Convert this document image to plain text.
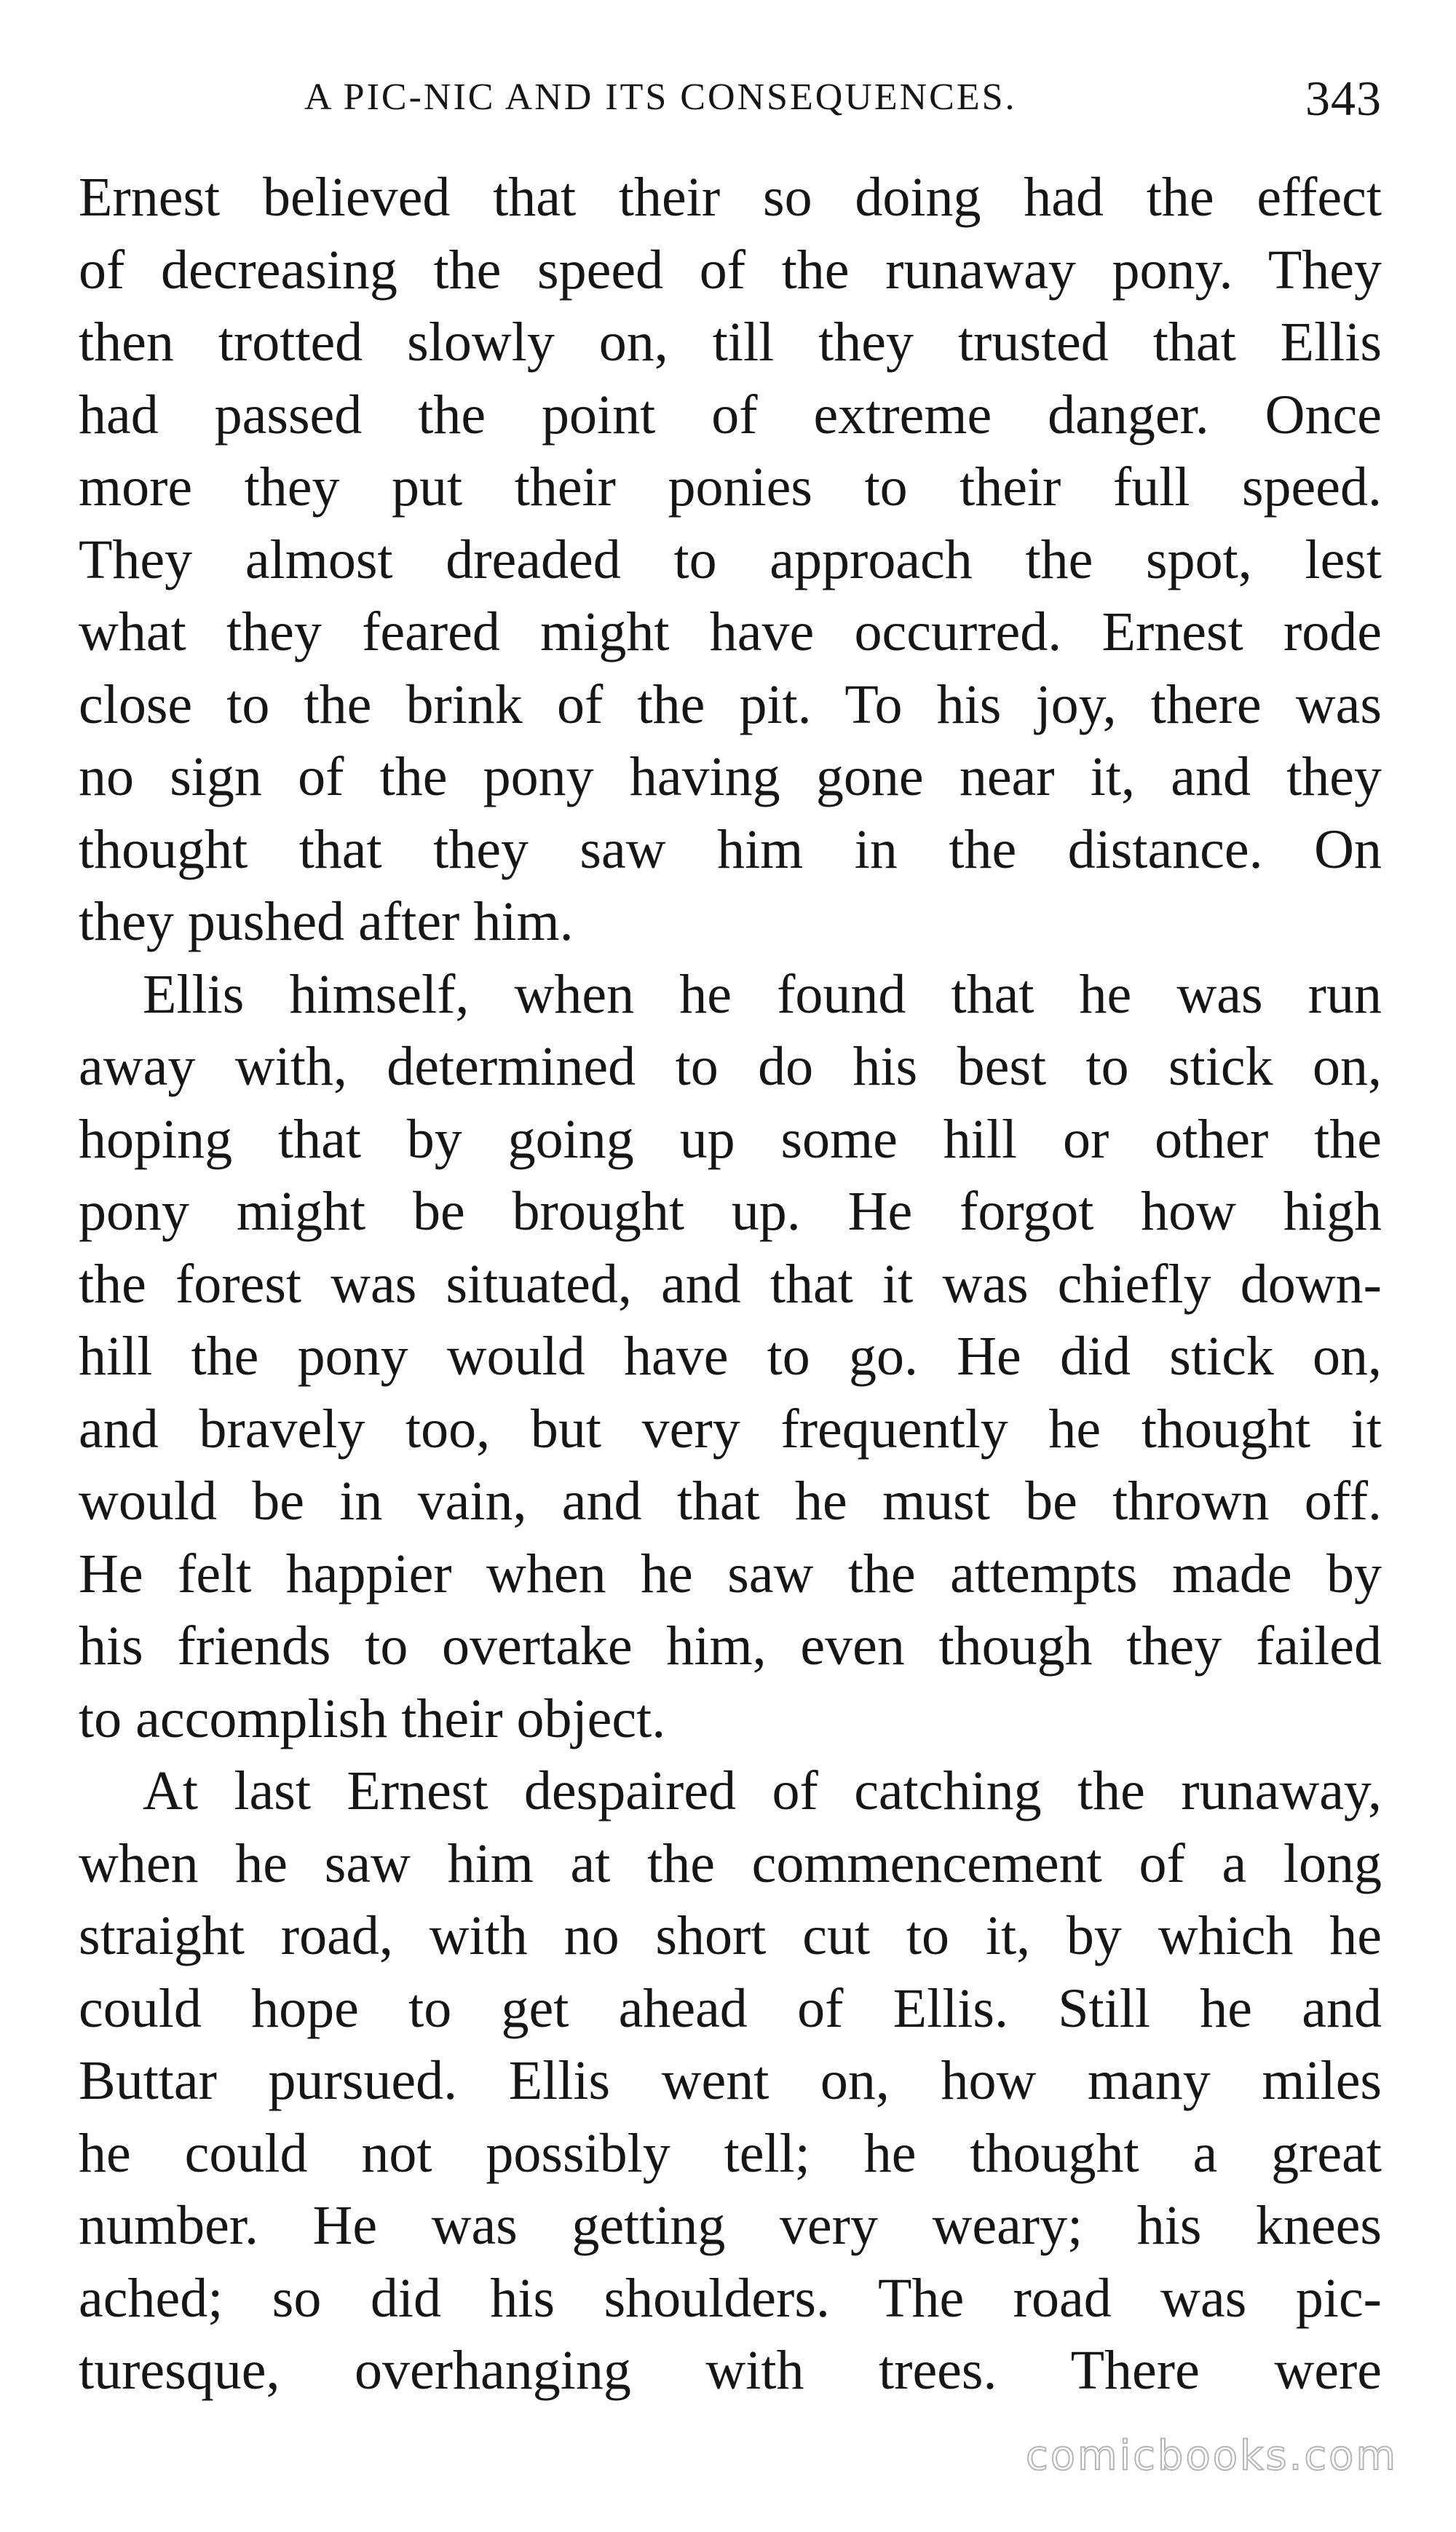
A PIC-NIC AND ITS CONSEQUENCES.	343
Ernest believed that their so doing had the effect
of decreasing the speed of the runaway pony. They
then trotted slowly on, till they trusted that Ellis
had passed the point of extreme danger. Once
more they put their ponies to their full speed.
They almost dreaded to approach the spot, lest
what they feared might have occurred. Ernest rode
close to the brink of the pit. To his joy, there was
no sign of the pony having gone near it, and they
thought that they saw him in the distance. On
they pushed after him.
Ellis himself, when he found that he was run
away with, determined to do his best to stick on,
hoping that by going up some hill or other the
pony might be brought up. He forgot how high
the forest was situated, and that it was chiefly down-
hill the pony would have to go. He did stick on,
and bravely too, but very frequently he thought it
would be in vain, and that he must be thrown off.
He felt happier when he saw the attempts made by
his friends to overtake him, even though they failed
to accomplish their object.
At last Ernest despaired of catching the runaway,
when he saw him at the commencement of a long
straight road, with no short cut to it, by which he
could hope to get ahead of Ellis. Still he and
Buttar pursued. Ellis went on, how many miles
he could not possibly tell; he thought a great
number. He was getting very weary; his knees
ached; so did his shoulders. The road was pic-
turesque, overhanging with trees. There were
comicbooks.com
